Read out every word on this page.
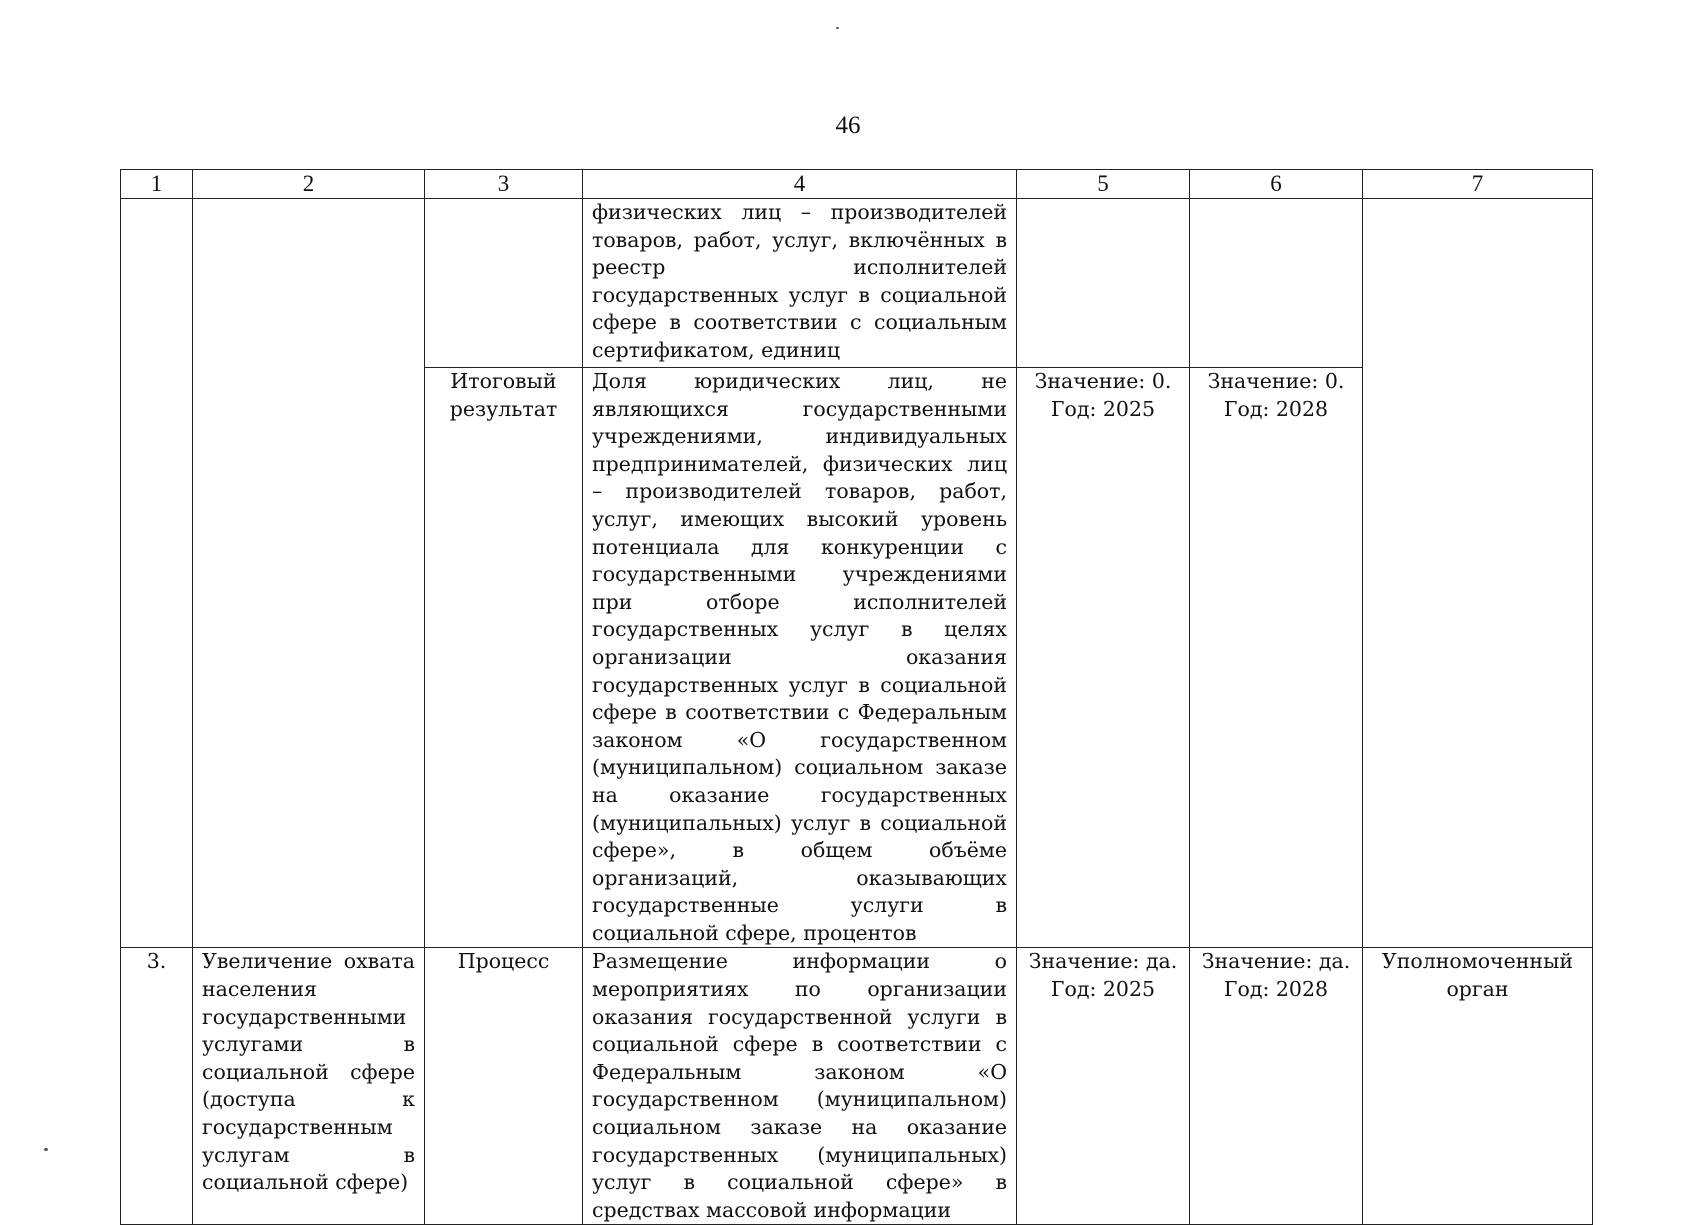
46
1	2	3	4	5	6	7
			физических лиц – производителей товаров, работ, услуг, включённых в реестр исполнителей государственных услуг в социальной сфере в соответствии с социальным сертификатом, единиц			
		Итоговый результат	Доля юридических лиц, не являющихся государственными учреждениями, индивидуальных предпринимателей, физических лиц – производителей товаров, работ, услуг, имеющих высокий уровень потенциала для конкуренции с государственными учреждениями при отборе исполнителей государственных услуг в целях организации оказания государственных услуг в социальной сфере в соответствии с Федеральным законом «О государственном (муниципальном) социальном заказе на оказание государственных (муниципальных) услуг в социальной сфере», в общем объёме организаций, оказывающих государственные услуги в социальной сфере, процентов	Значение: 0. Год: 2025	Значение: 0. Год: 2028	
3.	Увеличение охвата населения государственными услугами в социальной сфере (доступа к государственным услугам в социальной сфере)	Процесс	Размещение информации о мероприятиях по организации оказания государственной услуги в социальной сфере в соответствии с Федеральным законом «О государственном (муниципальном) социальном заказе на оказание государственных (муниципальных) услуг в социальной сфере» в средствах массовой информации	Значение: да. Год: 2025	Значение: да. Год: 2028	Уполномоченный орган
